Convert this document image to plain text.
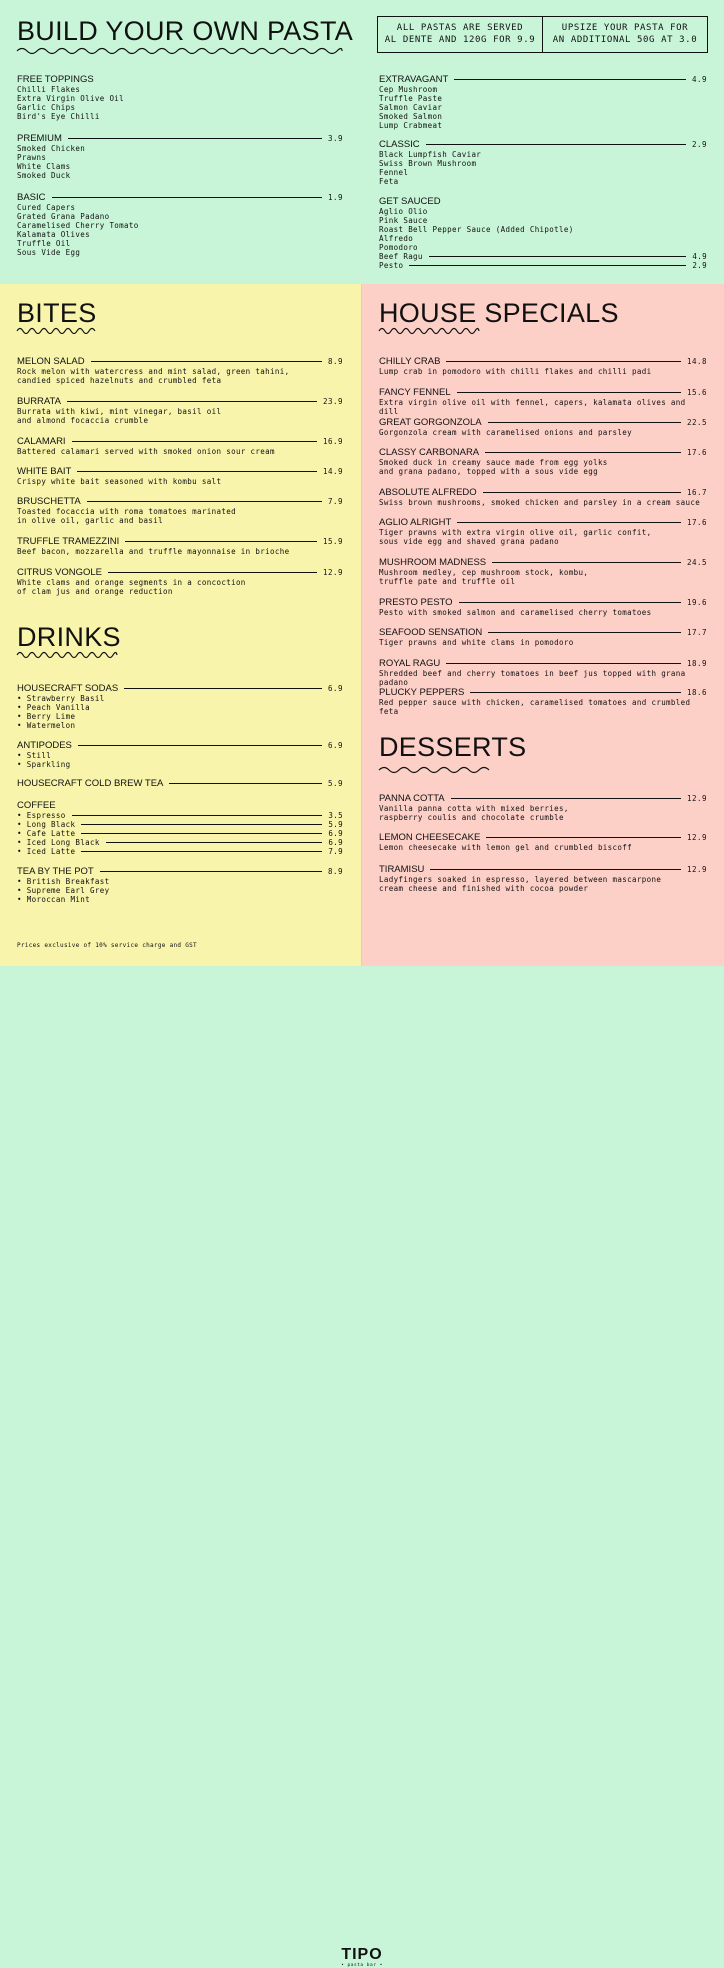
BUILD YOUR OWN PASTA	ALL PASTAS ARE SERVED
AL DENTE AND 120G FOR 9.9
UPSIZE YOUR PASTA FOR
AN ADDITIONAL 50G AT 3.0
FREE TOPPINGS
Chilli Flakes
Extra Virgin Olive Oil
Garlic Chips
Bird's Eye Chilli
PREMIUM	3.9
Smoked Chicken
Prawns
White Clams
Smoked Duck
BASIC	1.9
Cured Capers
Grated Grana Padano
Caramelised Cherry Tomato
Kalamata Olives
Truffle Oil
Sous Vide Egg
EXTRAVAGANT	4.9
Cep Mushroom
Truffle Paste
Salmon Caviar
Smoked Salmon
Lump Crabmeat
CLASSIC	2.9
Black Lumpfish Caviar
Swiss Brown Mushroom
Fennel
Feta
GET SAUCED
Aglio Olio
Pink Sauce
Roast Bell Pepper Sauce (Added Chipotle)
Alfredo
Pomodoro
Beef Ragu	4.9
Pesto	2.9
BITES
MELON SALAD	8.9
Rock melon with watercress and mint salad, green tahini,
candied spiced hazelnuts and crumbled feta
BURRATA	23.9
Burrata with kiwi, mint vinegar, basil oil
and almond focaccia crumble
CALAMARI	16.9
Battered calamari served with smoked onion sour cream
WHITE BAIT	14.9
Crispy white bait seasoned with kombu salt
BRUSCHETTA	7.9
Toasted focaccia with roma tomatoes marinated
in olive oil, garlic and basil
TRUFFLE TRAMEZZINI	15.9
Beef bacon, mozzarella and truffle mayonnaise in brioche
CITRUS VONGOLE	12.9
White clams and orange segments in a concoction
of clam jus and orange reduction
DRINKS
HOUSECRAFT SODAS	6.9
• Strawberry Basil
• Peach Vanilla
• Berry Lime
• Watermelon
ANTIPODES	6.9
• Still
• Sparkling
HOUSECRAFT COLD BREW TEA	5.9
COFFEE
• Espresso	3.5
• Long Black	5.9
• Cafe Latte	6.9
• Iced Long Black	6.9
• Iced Latte	7.9
TEA BY THE POT	8.9
• British Breakfast
• Supreme Earl Grey
• Moroccan Mint
Prices exclusive of 10% service charge and GST
HOUSE SPECIALS
CHILLY CRAB	14.8
Lump crab in pomodoro with chilli flakes and chilli padi
FANCY FENNEL	15.6
Extra virgin olive oil with fennel, capers, kalamata olives and dill
GREAT GORGONZOLA	22.5
Gorgonzola cream with caramelised onions and parsley
CLASSY CARBONARA	17.6
Smoked duck in creamy sauce made from egg yolks
and grana padano, topped with a sous vide egg
ABSOLUTE ALFREDO	16.7
Swiss brown mushrooms, smoked chicken and parsley in a cream sauce
AGLIO ALRIGHT	17.6
Tiger prawns with extra virgin olive oil, garlic confit,
sous vide egg and shaved grana padano
MUSHROOM MADNESS	24.5
Mushroom medley, cep mushroom stock, kombu,
truffle pate and truffle oil
PRESTO PESTO	19.6
Pesto with smoked salmon and caramelised cherry tomatoes
SEAFOOD SENSATION	17.7
Tiger prawns and white clams in pomodoro
ROYAL RAGU	18.9
Shredded beef and cherry tomatoes in beef jus topped with grana padano
PLUCKY PEPPERS	18.6
Red pepper sauce with chicken, caramelised tomatoes and crumbled feta
DESSERTS
PANNA COTTA	12.9
Vanilla panna cotta with mixed berries,
raspberry coulis and chocolate crumble
LEMON CHEESECAKE	12.9
Lemon cheesecake with lemon gel and crumbled biscoff
TIRAMISU	12.9
Ladyfingers soaked in espresso, layered between mascarpone
cream cheese and finished with cocoa powder
TIPO
• pasta bar •
